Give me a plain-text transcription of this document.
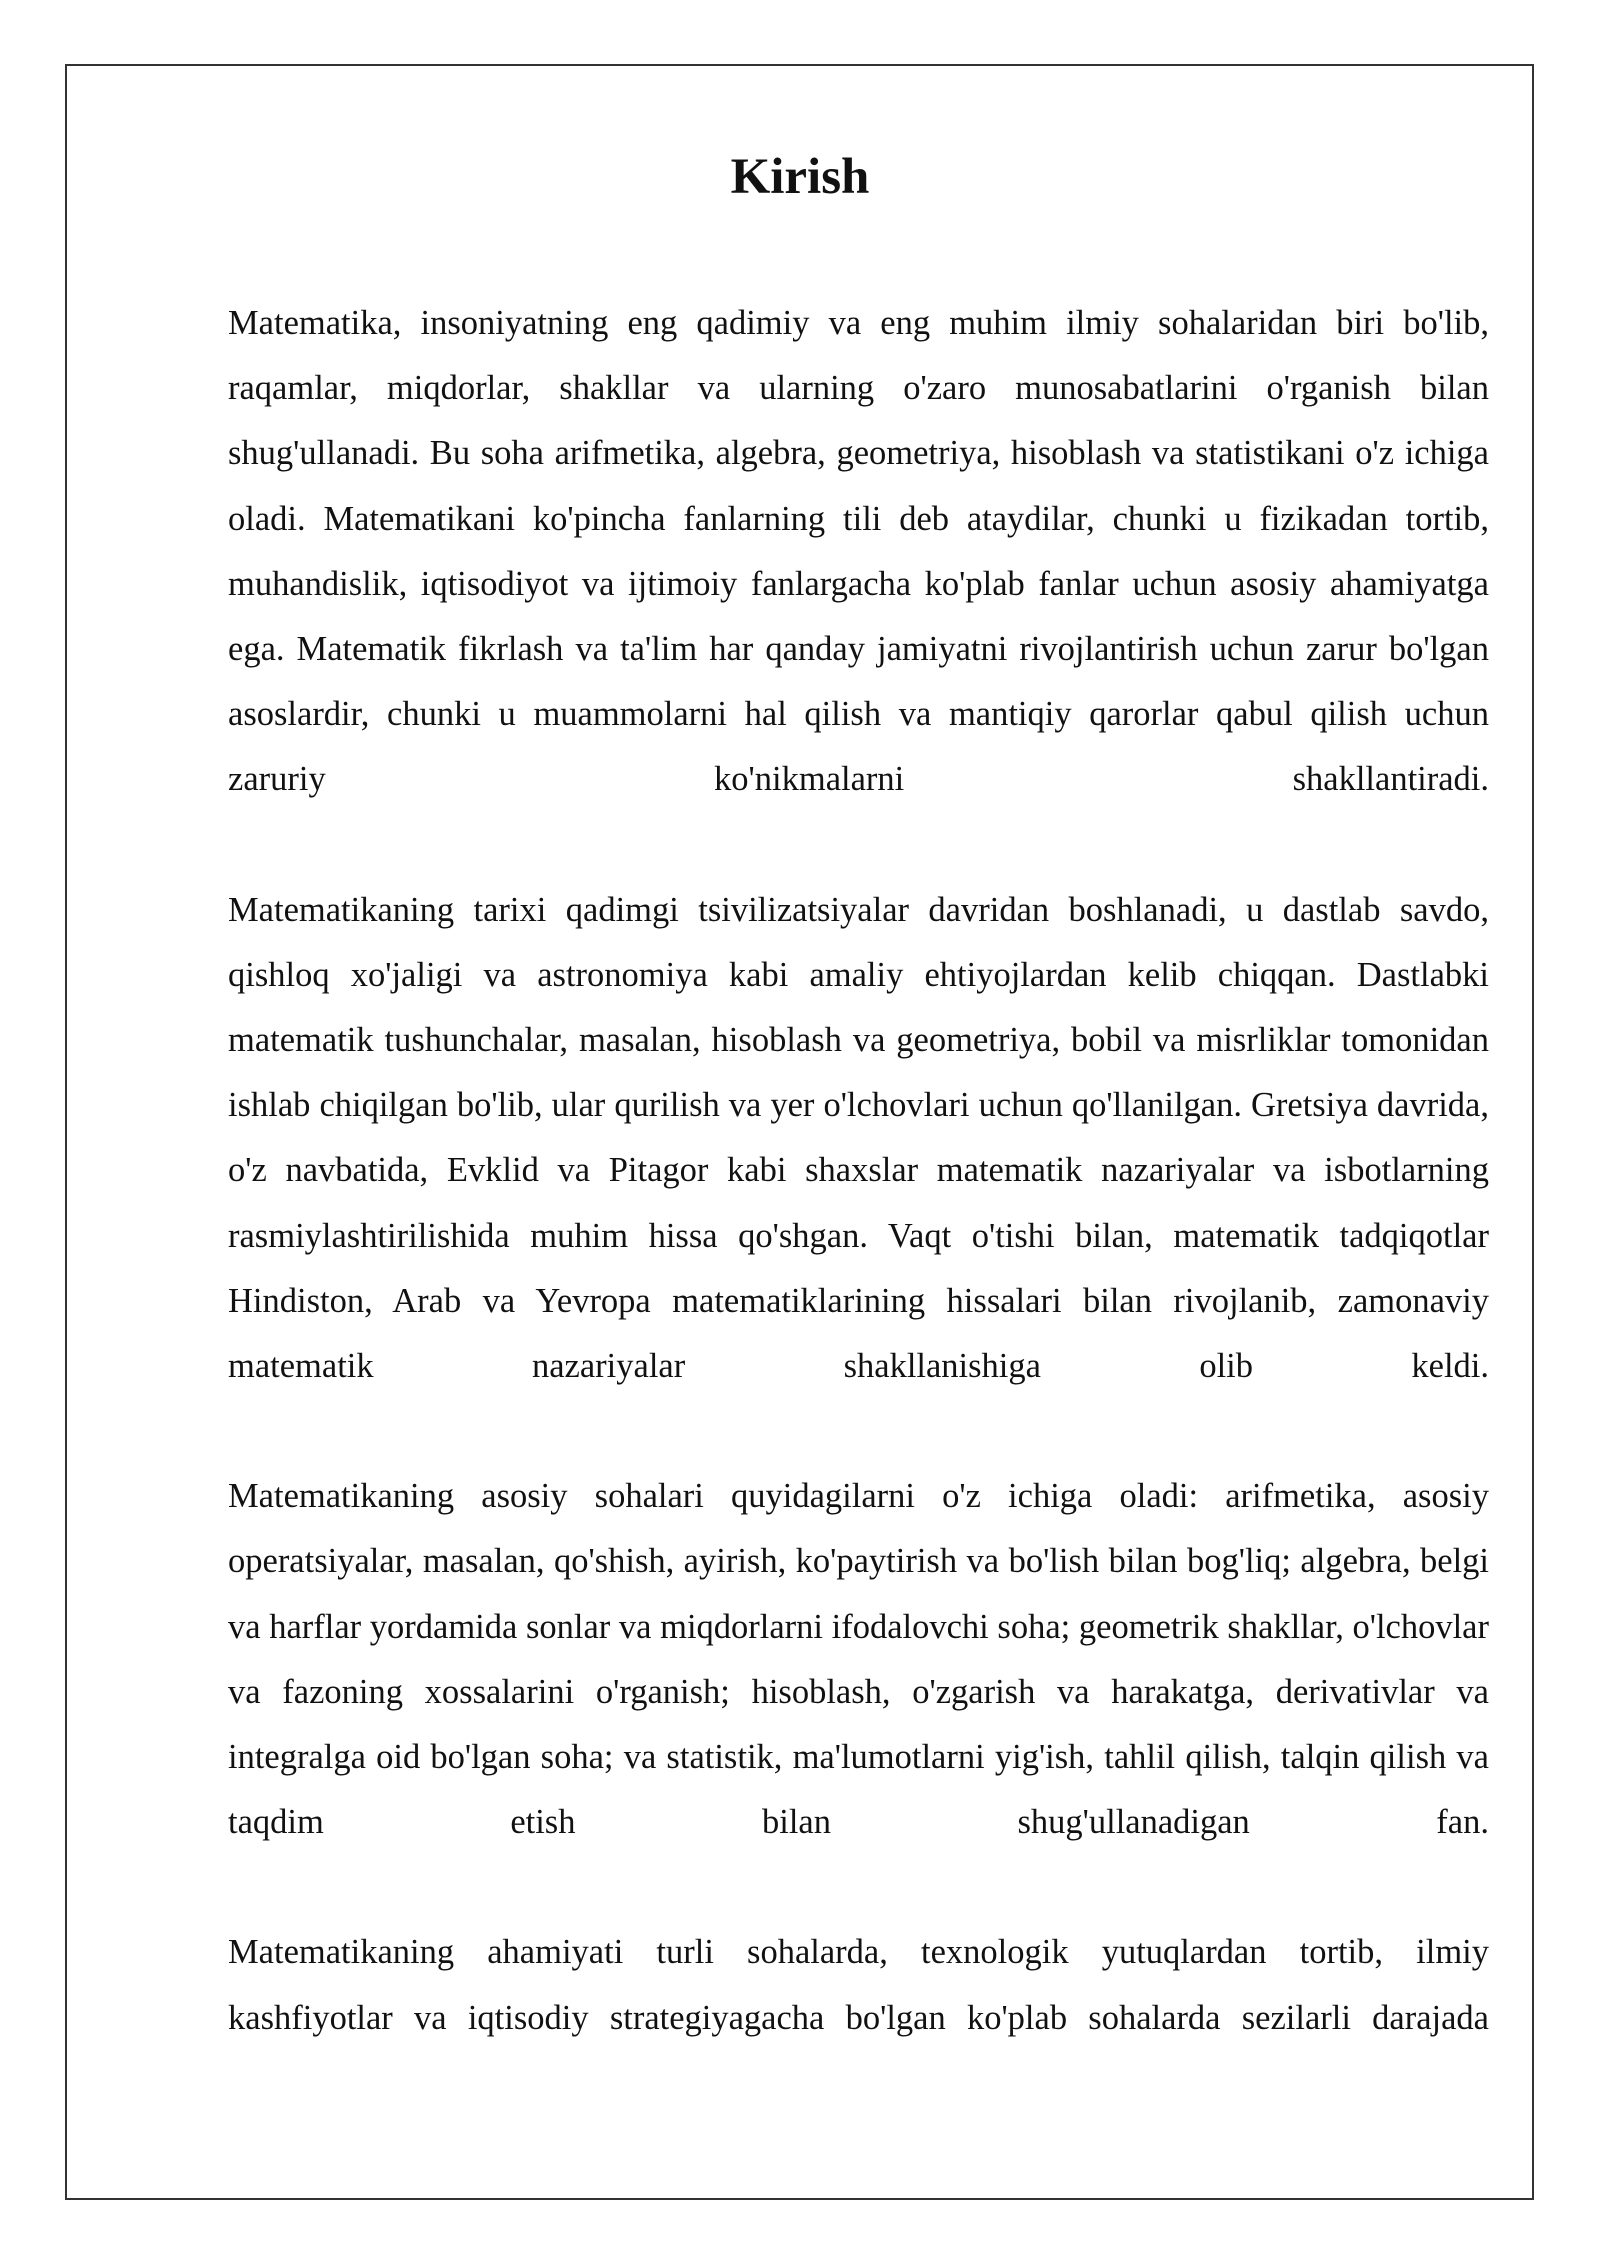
Kirish

Matematika, insoniyatning eng qadimiy va eng muhim ilmiy sohalaridan biri bo'lib, raqamlar, miqdorlar, shakllar va ularning o'zaro munosabatlarini o'rganish bilan shug'ullanadi. Bu soha arifmetika, algebra, geometriya, hisoblash va statistikani o'z ichiga oladi. Matematikani ko'pincha fanlarning tili deb ataydilar, chunki u fizikadan tortib, muhandislik, iqtisodiyot va ijtimoiy fanlargacha ko'plab fanlar uchun asosiy ahamiyatga ega. Matematik fikrlash va ta'lim har qanday jamiyatni rivojlantirish uchun zarur bo'lgan asoslardir, chunki u muammolarni hal qilish va mantiqiy qarorlar qabul qilish uchun zaruriy ko'nikmalarni shakllantiradi.

Matematikaning tarixi qadimgi tsivilizatsiyalar davridan boshlanadi, u dastlab savdo, qishloq xo'jaligi va astronomiya kabi amaliy ehtiyojlardan kelib chiqqan. Dastlabki matematik tushunchalar, masalan, hisoblash va geometriya, bobil va misrliklar tomonidan ishlab chiqilgan bo'lib, ular qurilish va yer o'lchovlari uchun qo'llanilgan. Gretsiya davrida, o'z navbatida, Evklid va Pitagor kabi shaxslar matematik nazariyalar va isbotlarning rasmiylashtirilishida muhim hissa qo'shgan. Vaqt o'tishi bilan, matematik tadqiqotlar Hindiston, Arab va Yevropa matematiklarining hissalari bilan rivojlanib, zamonaviy matematik nazariyalar shakllanishiga olib keldi.

Matematikaning asosiy sohalari quyidagilarni o'z ichiga oladi: arifmetika, asosiy operatsiyalar, masalan, qo'shish, ayirish, ko'paytirish va bo'lish bilan bog'liq; algebra, belgi va harflar yordamida sonlar va miqdorlarni ifodalovchi soha; geometrik shakllar, o'lchovlar va fazoning xossalarini o'rganish; hisoblash, o'zgarish va harakatga, derivativlar va integralga oid bo'lgan soha; va statistik, ma'lumotlarni yig'ish, tahlil qilish, talqin qilish va taqdim etish bilan shug'ullanadigan fan.

Matematikaning ahamiyati turli sohalarda, texnologik yutuqlardan tortib, ilmiy kashfiyotlar va iqtisodiy strategiyagacha bo'lgan ko'plab sohalarda sezilarli darajada
